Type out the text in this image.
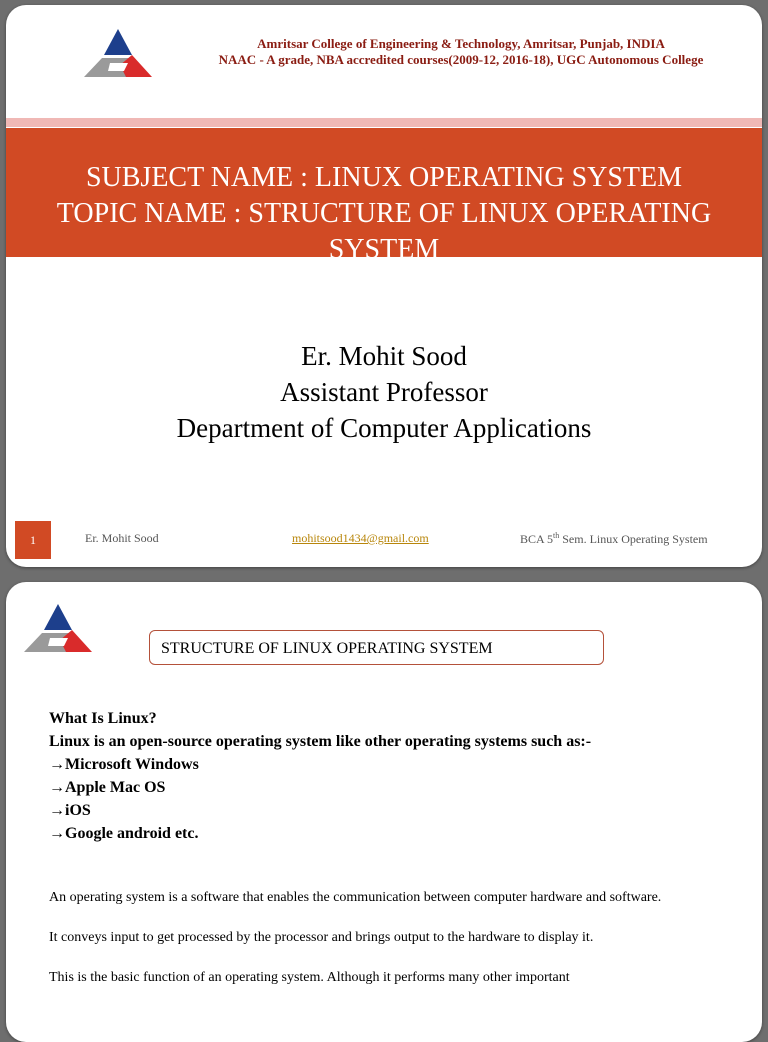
Amritsar College of Engineering & Technology, Amritsar, Punjab, INDIA
NAAC - A grade, NBA accredited courses(2009-12, 2016-18), UGC Autonomous College
SUBJECT NAME : LINUX OPERATING SYSTEM
TOPIC NAME : STRUCTURE OF LINUX OPERATING SYSTEM
Er. Mohit Sood
Assistant Professor
Department of Computer Applications
1	Er. Mohit Sood	mohitsood1434@gmail.com	BCA 5th Sem. Linux Operating System
STRUCTURE OF LINUX OPERATING SYSTEM
What Is Linux?
Linux is an open-source operating system like other operating systems such as:-
→Microsoft Windows
→Apple Mac OS
→iOS
→Google android etc.
An operating system is a software that enables the communication between computer hardware and software.
It conveys input to get processed by the processor and brings output to the hardware to display it.
This is the basic function of an operating system. Although it performs many other important
